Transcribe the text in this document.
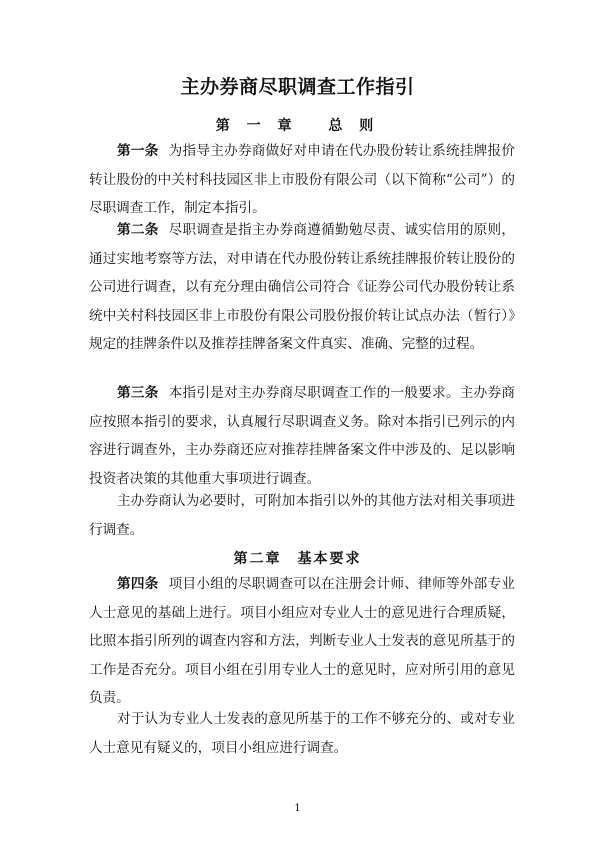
主办券商尽职调查工作指引
第 一 章　 总 则

第一条 为指导主办券商做好对申请在代办股份转让系统挂牌报价转让股份的中关村科技园区非上市股份有限公司（以下简称“公司”）的尽职调查工作，制定本指引。

第二条 尽职调查是指主办券商遵循勤勉尽责、诚实信用的原则，通过实地考察等方法，对申请在代办股份转让系统挂牌报价转让股份的公司进行调查，以有充分理由确信公司符合《证券公司代办股份转让系统中关村科技园区非上市股份有限公司股份报价转让试点办法（暂行）》规定的挂牌条件以及推荐挂牌备案文件真实、准确、完整的过程。

第三条 本指引是对主办券商尽职调查工作的一般要求。主办券商应按照本指引的要求，认真履行尽职调查义务。除对本指引已列示的内容进行调查外，主办券商还应对推荐挂牌备案文件中涉及的、足以影响投资者决策的其他重大事项进行调查。

主办券商认为必要时，可附加本指引以外的其他方法对相关事项进行调查。

第二章　基本要求

第四条 项目小组的尽职调查可以在注册会计师、律师等外部专业人士意见的基础上进行。项目小组应对专业人士的意见进行合理质疑，比照本指引所列的调查内容和方法，判断专业人士发表的意见所基于的工作是否充分。项目小组在引用专业人士的意见时，应对所引用的意见负责。

对于认为专业人士发表的意见所基于的工作不够充分的、或对专业人士意见有疑义的，项目小组应进行调查。

1
